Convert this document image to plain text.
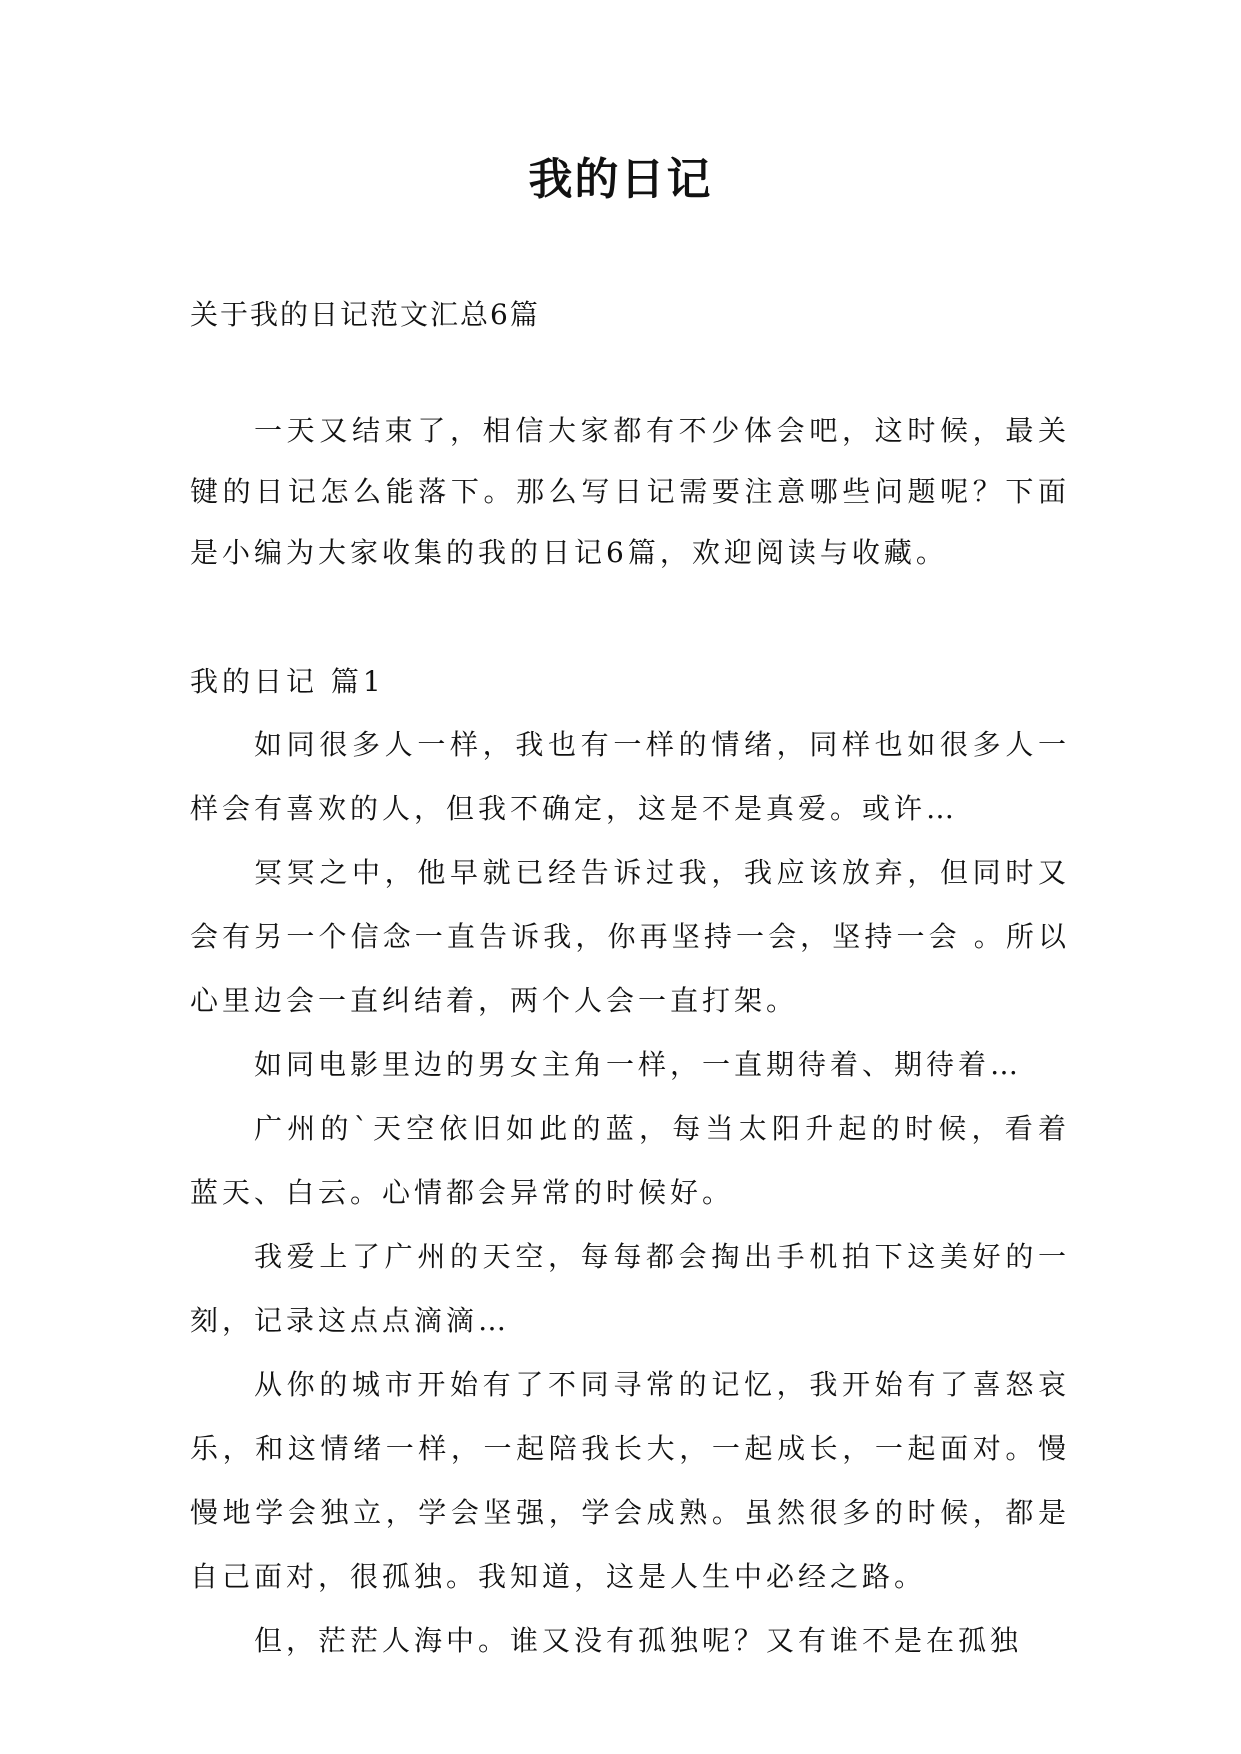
我的日记
关于我的日记范文汇总6篇

一天又结束了，相信大家都有不少体会吧，这时候，最关键的日记怎么能落下。那么写日记需要注意哪些问题呢？下面是小编为大家收集的我的日记6篇，欢迎阅读与收藏。

我的日记 篇1

如同很多人一样，我也有一样的情绪，同样也如很多人一样会有喜欢的人，但我不确定，这是不是真爱。或许…

冥冥之中，他早就已经告诉过我，我应该放弃，但同时又会有另一个信念一直告诉我，你再坚持一会，坚持一会 。所以心里边会一直纠结着，两个人会一直打架。

如同电影里边的男女主角一样，一直期待着、期待着…

广州的`天空依旧如此的蓝，每当太阳升起的时候，看着蓝天、白云。心情都会异常的时候好。

我爱上了广州的天空，每每都会掏出手机拍下这美好的一刻，记录这点点滴滴…

从你的城市开始有了不同寻常的记忆，我开始有了喜怒哀乐，和这情绪一样，一起陪我长大，一起成长，一起面对。慢慢地学会独立，学会坚强，学会成熟。虽然很多的时候，都是自己面对，很孤独。我知道，这是人生中必经之路。

但，茫茫人海中。谁又没有孤独呢？又有谁不是在孤独
